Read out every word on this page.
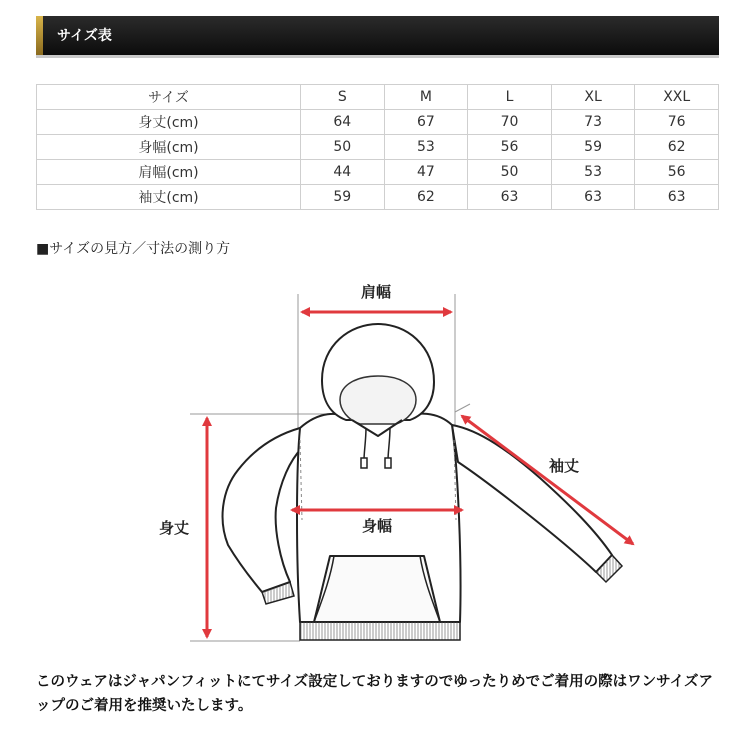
サイズ表
サイズ	S	M	L	XL	XXL
身丈(cm)	64	67	70	73	76
身幅(cm)	50	53	56	59	62
肩幅(cm)	44	47	50	53	56
袖丈(cm)	59	62	63	63	63
■サイズの見方／寸法の測り方
肩幅
身幅
身丈
袖丈
このウェアはジャパンフィットにてサイズ設定しておりますのでゆったりめでご着用の際はワンサイズアップのご着用を推奨いたします。
